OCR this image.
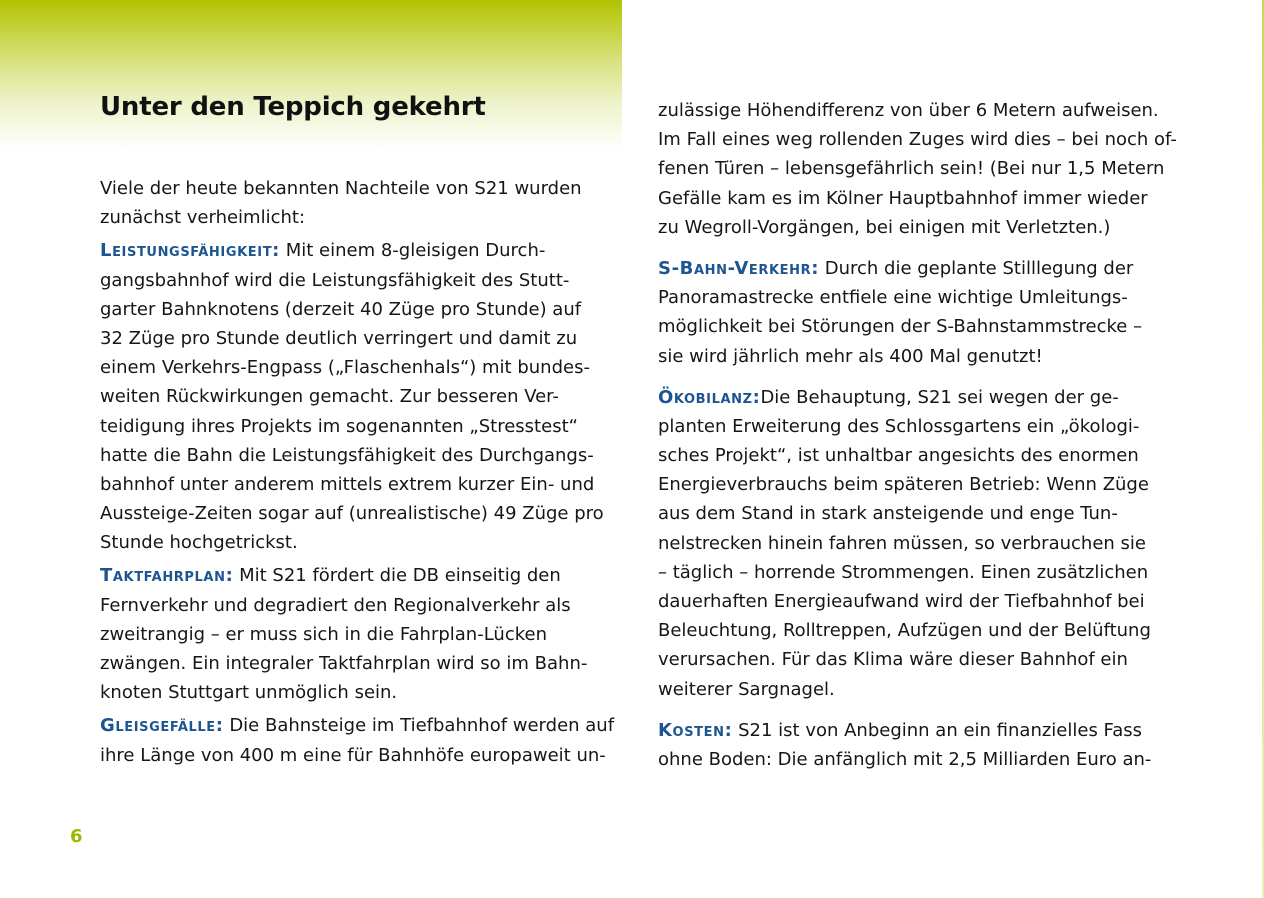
Unter den Teppich gekehrt
Viele der heute bekannten Nachteile von S21 wurden
zunächst verheimlicht:
Leistungsfähigkeit: Mit einem 8-gleisigen Durch-
gangsbahnhof wird die Leistungsfähigkeit des Stutt-
garter Bahnknotens (derzeit 40 Züge pro Stunde) auf
32 Züge pro Stunde deutlich verringert und damit zu
einem Verkehrs-Engpass („Flaschenhals“) mit bundes-
weiten Rückwirkungen gemacht. Zur besseren Ver-
teidigung ihres Projekts im sogenannten „Stresstest“
hatte die Bahn die Leistungsfähigkeit des Durchgangs-
bahnhof unter anderem mittels extrem kurzer Ein- und
Aussteige-Zeiten sogar auf (unrealistische) 49 Züge pro
Stunde hochgetrickst.
Taktfahrplan: Mit S21 fördert die DB einseitig den
Fernverkehr und degradiert den Regionalverkehr als
zweitrangig – er muss sich in die Fahrplan-Lücken
zwängen. Ein integraler Taktfahrplan wird so im Bahn-
knoten Stuttgart unmöglich sein.
Gleisgefälle: Die Bahnsteige im Tiefbahnhof werden auf
ihre Länge von 400 m eine für Bahnhöfe europaweit un-
zulässige Höhendifferenz von über 6 Metern aufweisen.
Im Fall eines weg rollenden Zuges wird dies – bei noch of-
fenen Türen – lebensgefährlich sein! (Bei nur 1,5 Metern
Gefälle kam es im Kölner Hauptbahnhof immer wieder
zu Wegroll-Vorgängen, bei einigen mit Verletzten.)
S-Bahn-Verkehr: Durch die geplante Stilllegung der
Panoramastrecke entfiele eine wichtige Umleitungs-
möglichkeit bei Störungen der S-Bahnstammstrecke –
sie wird jährlich mehr als 400 Mal genutzt!
Ökobilanz:Die Behauptung, S21 sei wegen der ge-
planten Erweiterung des Schlossgartens ein „ökologi-
sches Projekt“, ist unhaltbar angesichts des enormen
Energieverbrauchs beim späteren Betrieb: Wenn Züge
aus dem Stand in stark ansteigende und enge Tun-
nelstrecken hinein fahren müssen, so verbrauchen sie
– täglich – horrende Strommengen. Einen zusätzlichen
dauerhaften Energieaufwand wird der Tiefbahnhof bei
Beleuchtung, Rolltreppen, Aufzügen und der Belüftung
verursachen. Für das Klima wäre dieser Bahnhof ein
weiterer Sargnagel.
Kosten: S21 ist von Anbeginn an ein finanzielles Fass
ohne Boden: Die anfänglich mit 2,5 Milliarden Euro an-
6
